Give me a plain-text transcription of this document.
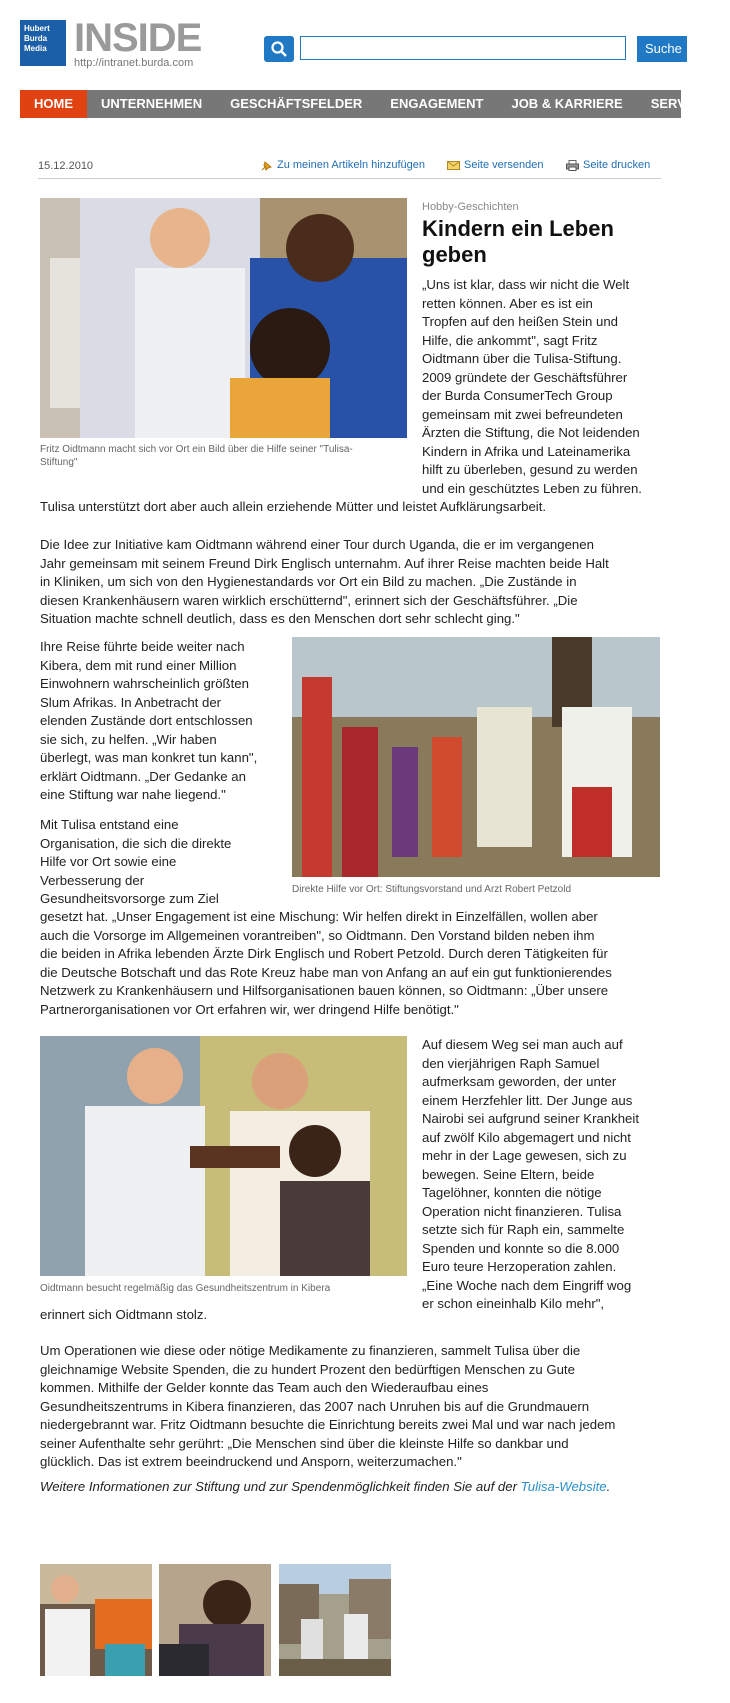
Hubert
Burda
Media INSIDE
http://intranet.burda.com
Suche
HOME	UNTERNEHMEN	GESCHÄFTSFELDER	ENGAGEMENT	JOB & KARRIERE	SERVICES
15.12.2010	Zu meinen Artikeln hinzufügen	Seite versenden	Seite drucken
Fritz Oidtmann macht sich vor Ort ein Bild über die Hilfe seiner "Tulisa-
Stiftung"
Hobby-Geschichten
Kindern ein Leben
geben
„Uns ist klar, dass wir nicht die Welt
retten können. Aber es ist ein
Tropfen auf den heißen Stein und
Hilfe, die ankommt", sagt Fritz
Oidtmann über die Tulisa-Stiftung.
2009 gründete der Geschäftsführer
der Burda ConsumerTech Group
gemeinsam mit zwei befreundeten
Ärzten die Stiftung, die Not leidenden
Kindern in Afrika und Lateinamerika
hilft zu überleben, gesund zu werden
und ein geschütztes Leben zu führen.
Tulisa unterstützt dort aber auch allein erziehende Mütter und leistet Aufklärungsarbeit.
Die Idee zur Initiative kam Oidtmann während einer Tour durch Uganda, die er im vergangenen
Jahr gemeinsam mit seinem Freund Dirk Englisch unternahm. Auf ihrer Reise machten beide Halt
in Kliniken, um sich von den Hygienestandards vor Ort ein Bild zu machen. „Die Zustände in
diesen Krankenhäusern waren wirklich erschütternd", erinnert sich der Geschäftsführer. „Die
Situation machte schnell deutlich, dass es den Menschen dort sehr schlecht ging."
Ihre Reise führte beide weiter nach
Kibera, dem mit rund einer Million
Einwohnern wahrscheinlich größten
Slum Afrikas. In Anbetracht der
elenden Zustände dort entschlossen
sie sich, zu helfen. „Wir haben
überlegt, was man konkret tun kann",
erklärt Oidtmann. „Der Gedanke an
eine Stiftung war nahe liegend."
Direkte Hilfe vor Ort: Stiftungsvorstand und Arzt Robert Petzold
Mit Tulisa entstand eine
Organisation, die sich die direkte
Hilfe vor Ort sowie eine
Verbesserung der
Gesundheitsvorsorge zum Ziel
gesetzt hat. „Unser Engagement ist eine Mischung: Wir helfen direkt in Einzelfällen, wollen aber
auch die Vorsorge im Allgemeinen vorantreiben", so Oidtmann. Den Vorstand bilden neben ihm
die beiden in Afrika lebenden Ärzte Dirk Englisch und Robert Petzold. Durch deren Tätigkeiten für
die Deutsche Botschaft und das Rote Kreuz habe man von Anfang an auf ein gut funktionierendes
Netzwerk zu Krankenhäusern und Hilfsorganisationen bauen können, so Oidtmann: „Über unsere
Partnerorganisationen vor Ort erfahren wir, wer dringend Hilfe benötigt."
Oidtmann besucht regelmäßig das Gesundheitszentrum in Kibera
Auf diesem Weg sei man auch auf
den vierjährigen Raph Samuel
aufmerksam geworden, der unter
einem Herzfehler litt. Der Junge aus
Nairobi sei aufgrund seiner Krankheit
auf zwölf Kilo abgemagert und nicht
mehr in der Lage gewesen, sich zu
bewegen. Seine Eltern, beide
Tagelöhner, konnten die nötige
Operation nicht finanzieren. Tulisa
setzte sich für Raph ein, sammelte
Spenden und konnte so die 8.000
Euro teure Herzoperation zahlen.
„Eine Woche nach dem Eingriff wog
er schon eineinhalb Kilo mehr",
erinnert sich Oidtmann stolz.
Um Operationen wie diese oder nötige Medikamente zu finanzieren, sammelt Tulisa über die
gleichnamige Website Spenden, die zu hundert Prozent den bedürftigen Menschen zu Gute
kommen. Mithilfe der Gelder konnte das Team auch den Wiederaufbau eines
Gesundheitszentrums in Kibera finanzieren, das 2007 nach Unruhen bis auf die Grundmauern
niedergebrannt war. Fritz Oidtmann besuchte die Einrichtung bereits zwei Mal und war nach jedem
seiner Aufenthalte sehr gerührt: „Die Menschen sind über die kleinste Hilfe so dankbar und
glücklich. Das ist extrem beeindruckend und Ansporn, weiterzumachen."
Weitere Informationen zur Stiftung und zur Spendenmöglichkeit finden Sie auf der Tulisa-Website.
